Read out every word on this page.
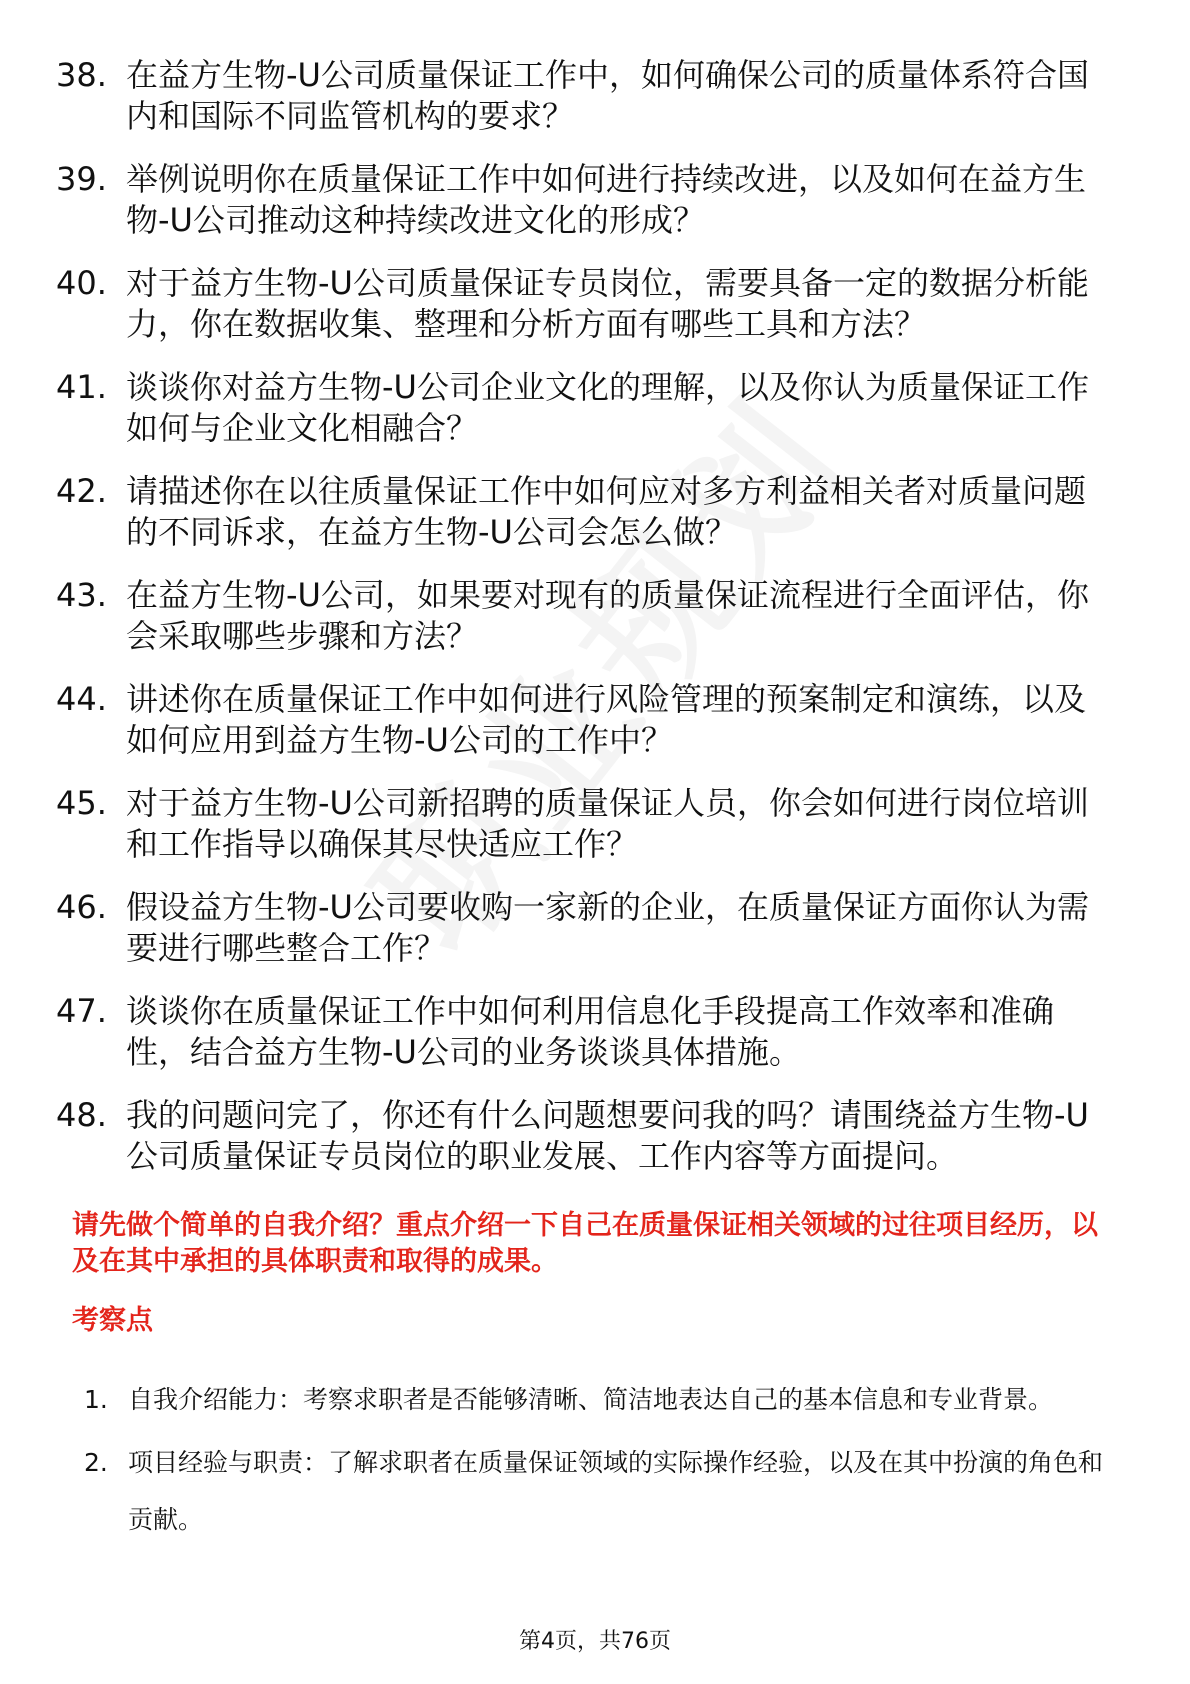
38. 在益方生物-U公司质量保证工作中，如何确保公司的质量体系符合国内和国际不同监管机构的要求？
39. 举例说明你在质量保证工作中如何进行持续改进，以及如何在益方生物-U公司推动这种持续改进文化的形成？
40. 对于益方生物-U公司质量保证专员岗位，需要具备一定的数据分析能力，你在数据收集、整理和分析方面有哪些工具和方法？
41. 谈谈你对益方生物-U公司企业文化的理解，以及你认为质量保证工作如何与企业文化相融合？
42. 请描述你在以往质量保证工作中如何应对多方利益相关者对质量问题的不同诉求，在益方生物-U公司会怎么做？
43. 在益方生物-U公司，如果要对现有的质量保证流程进行全面评估，你会采取哪些步骤和方法？
44. 讲述你在质量保证工作中如何进行风险管理的预案制定和演练，以及如何应用到益方生物-U公司的工作中？
45. 对于益方生物-U公司新招聘的质量保证人员，你会如何进行岗位培训和工作指导以确保其尽快适应工作？
46. 假设益方生物-U公司要收购一家新的企业，在质量保证方面你认为需要进行哪些整合工作？
47. 谈谈你在质量保证工作中如何利用信息化手段提高工作效率和准确性，结合益方生物-U公司的业务谈谈具体措施。
48. 我的问题问完了，你还有什么问题想要问我的吗？请围绕益方生物-U公司质量保证专员岗位的职业发展、工作内容等方面提问。

请先做个简单的自我介绍？重点介绍一下自己在质量保证相关领域的过往项目经历，以及在其中承担的具体职责和取得的成果。

考察点

1. 自我介绍能力：考察求职者是否能够清晰、简洁地表达自己的基本信息和专业背景。
2. 项目经验与职责：了解求职者在质量保证领域的实际操作经验，以及在其中扮演的角色和贡献。
第4页，共76页
